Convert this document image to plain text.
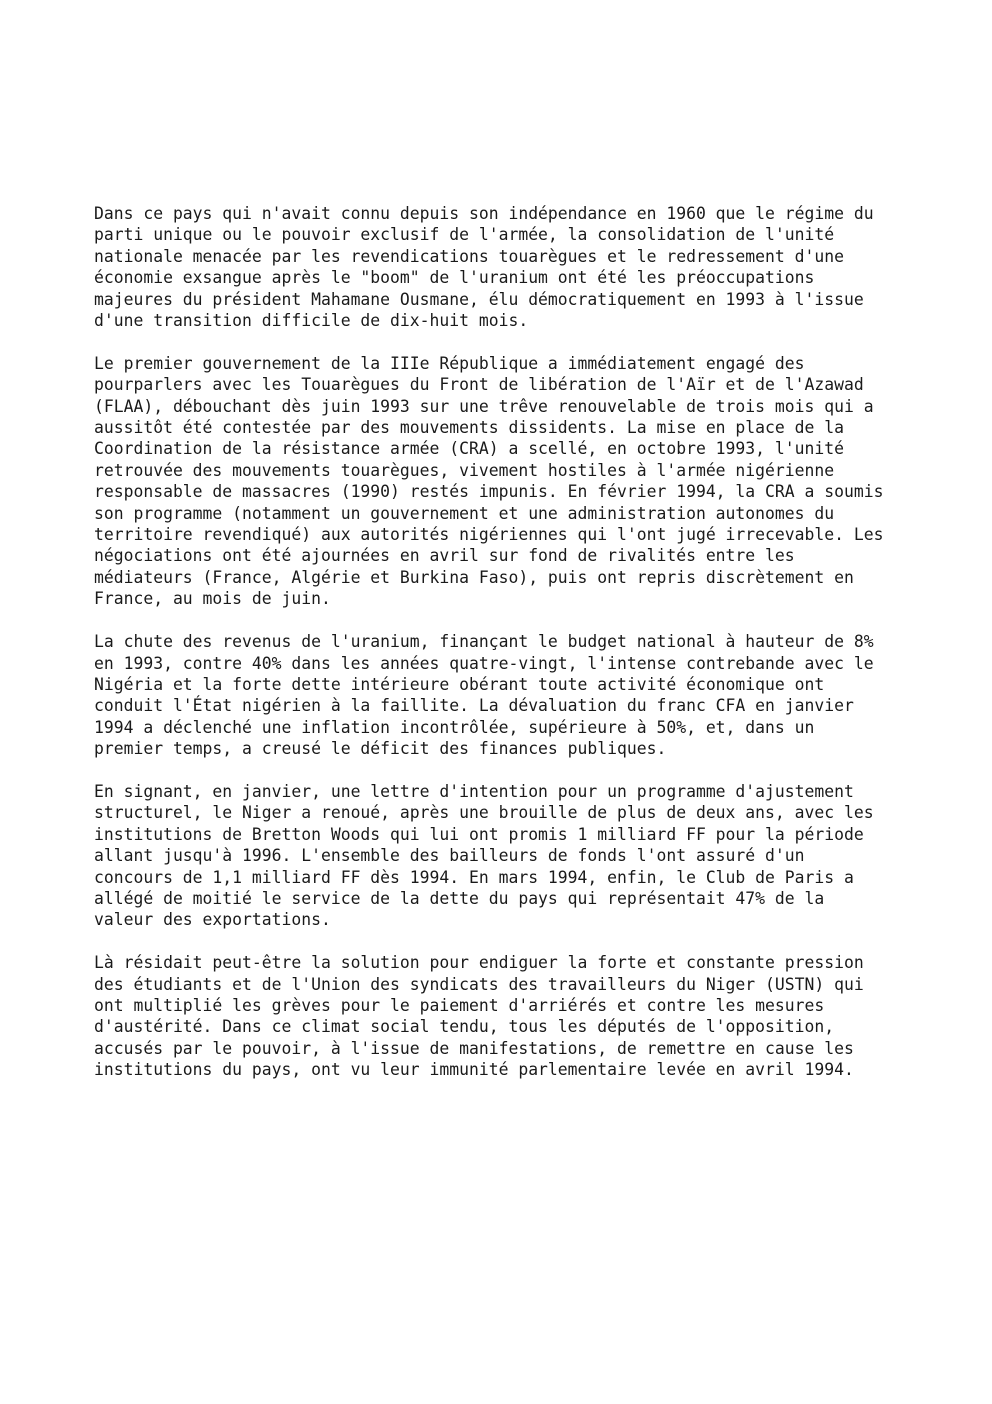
Dans ce pays qui n'avait connu depuis son indépendance en 1960 que le régime du
parti unique ou le pouvoir exclusif de l'armée, la consolidation de l'unité
nationale menacée par les revendications touarègues et le redressement d'une
économie exsangue après le "boom" de l'uranium ont été les préoccupations
majeures du président Mahamane Ousmane, élu démocratiquement en 1993 à l'issue
d'une transition difficile de dix-huit mois.
Le premier gouvernement de la IIIe République a immédiatement engagé des
pourparlers avec les Touarègues du Front de libération de l'Aïr et de l'Azawad
(FLAA), débouchant dès juin 1993 sur une trêve renouvelable de trois mois qui a
aussitôt été contestée par des mouvements dissidents. La mise en place de la
Coordination de la résistance armée (CRA) a scellé, en octobre 1993, l'unité
retrouvée des mouvements touarègues, vivement hostiles à l'armée nigérienne
responsable de massacres (1990) restés impunis. En février 1994, la CRA a soumis
son programme (notamment un gouvernement et une administration autonomes du
territoire revendiqué) aux autorités nigériennes qui l'ont jugé irrecevable. Les
négociations ont été ajournées en avril sur fond de rivalités entre les
médiateurs (France, Algérie et Burkina Faso), puis ont repris discrètement en
France, au mois de juin.
La chute des revenus de l'uranium, finançant le budget national à hauteur de 8%
en 1993, contre 40% dans les années quatre-vingt, l'intense contrebande avec le
Nigéria et la forte dette intérieure obérant toute activité économique ont
conduit l'État nigérien à la faillite. La dévaluation du franc CFA en janvier
1994 a déclenché une inflation incontrôlée, supérieure à 50%, et, dans un
premier temps, a creusé le déficit des finances publiques.
En signant, en janvier, une lettre d'intention pour un programme d'ajustement
structurel, le Niger a renoué, après une brouille de plus de deux ans, avec les
institutions de Bretton Woods qui lui ont promis 1 milliard FF pour la période
allant jusqu'à 1996. L'ensemble des bailleurs de fonds l'ont assuré d'un
concours de 1,1 milliard FF dès 1994. En mars 1994, enfin, le Club de Paris a
allégé de moitié le service de la dette du pays qui représentait 47% de la
valeur des exportations.
Là résidait peut-être la solution pour endiguer la forte et constante pression
des étudiants et de l'Union des syndicats des travailleurs du Niger (USTN) qui
ont multiplié les grèves pour le paiement d'arriérés et contre les mesures
d'austérité. Dans ce climat social tendu, tous les députés de l'opposition,
accusés par le pouvoir, à l'issue de manifestations, de remettre en cause les
institutions du pays, ont vu leur immunité parlementaire levée en avril 1994.
